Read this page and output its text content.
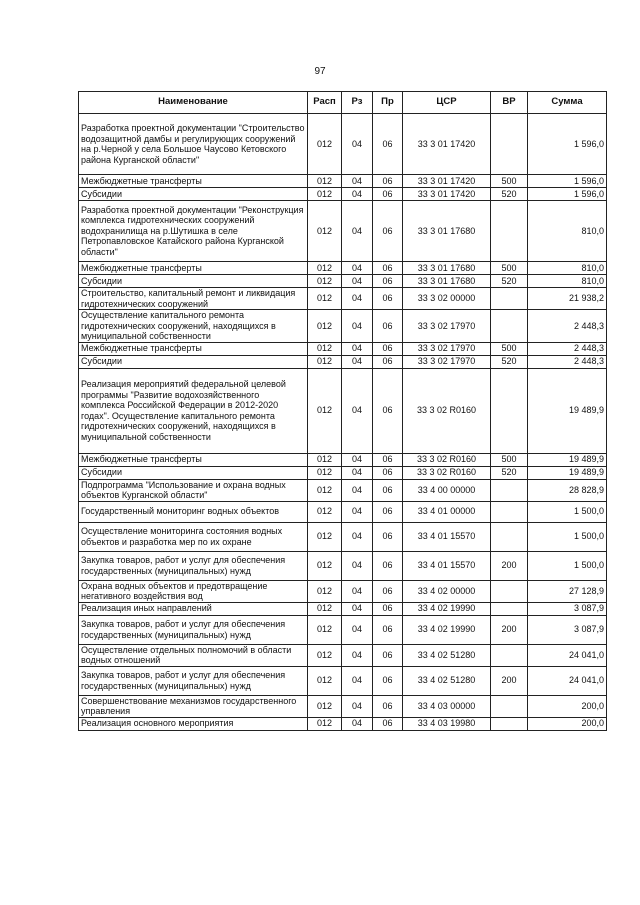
97
Наименование	Расп	Рз	Пр	ЦСР	ВР	Сумма
Разработка проектной документации "Строительство водозащитной дамбы и регулирующих сооружений на р.Черной у села Большое Чаусово Кетовского района Курганской области"	012	04	06	33 3 01 17420		1 596,0
Межбюджетные трансферты	012	04	06	33 3 01 17420	500	1 596,0
Субсидии	012	04	06	33 3 01 17420	520	1 596,0
Разработка проектной документации "Реконструкция комплекса гидротехнических сооружений водохранилища на р.Шутишка в селе Петропавловское Катайского района Курганской области"	012	04	06	33 3 01 17680		810,0
Межбюджетные трансферты	012	04	06	33 3 01 17680	500	810,0
Субсидии	012	04	06	33 3 01 17680	520	810,0
Строительство, капитальный ремонт и ликвидация гидротехнических сооружений	012	04	06	33 3 02 00000		21 938,2
Осуществление капитального ремонта гидротехнических сооружений, находящихся в муниципальной собственности	012	04	06	33 3 02 17970		2 448,3
Межбюджетные трансферты	012	04	06	33 3 02 17970	500	2 448,3
Субсидии	012	04	06	33 3 02 17970	520	2 448,3
Реализация мероприятий федеральной целевой программы "Развитие водохозяйственного комплекса Российской Федерации в 2012-2020 годах". Осуществление капитального ремонта гидротехнических сооружений, находящихся в муниципальной собственности	012	04	06	33 3 02 R0160		19 489,9
Межбюджетные трансферты	012	04	06	33 3 02 R0160	500	19 489,9
Субсидии	012	04	06	33 3 02 R0160	520	19 489,9
Подпрограмма "Использование и охрана водных объектов Курганской области"	012	04	06	33 4 00 00000		28 828,9
Государственный мониторинг водных объектов	012	04	06	33 4 01 00000		1 500,0
Осуществление мониторинга состояния водных объектов и разработка мер по их охране	012	04	06	33 4 01 15570		1 500,0
Закупка товаров, работ и услуг для обеспечения государственных (муниципальных) нужд	012	04	06	33 4 01 15570	200	1 500,0
Охрана водных объектов и предотвращение негативного воздействия вод	012	04	06	33 4 02 00000		27 128,9
Реализация иных направлений	012	04	06	33 4 02 19990		3 087,9
Закупка товаров, работ и услуг для обеспечения государственных (муниципальных) нужд	012	04	06	33 4 02 19990	200	3 087,9
Осуществление отдельных полномочий в области водных отношений	012	04	06	33 4 02 51280		24 041,0
Закупка товаров, работ и услуг для обеспечения государственных (муниципальных) нужд	012	04	06	33 4 02 51280	200	24 041,0
Совершенствование механизмов государственного управления	012	04	06	33 4 03 00000		200,0
Реализация основного мероприятия	012	04	06	33 4 03 19980		200,0
